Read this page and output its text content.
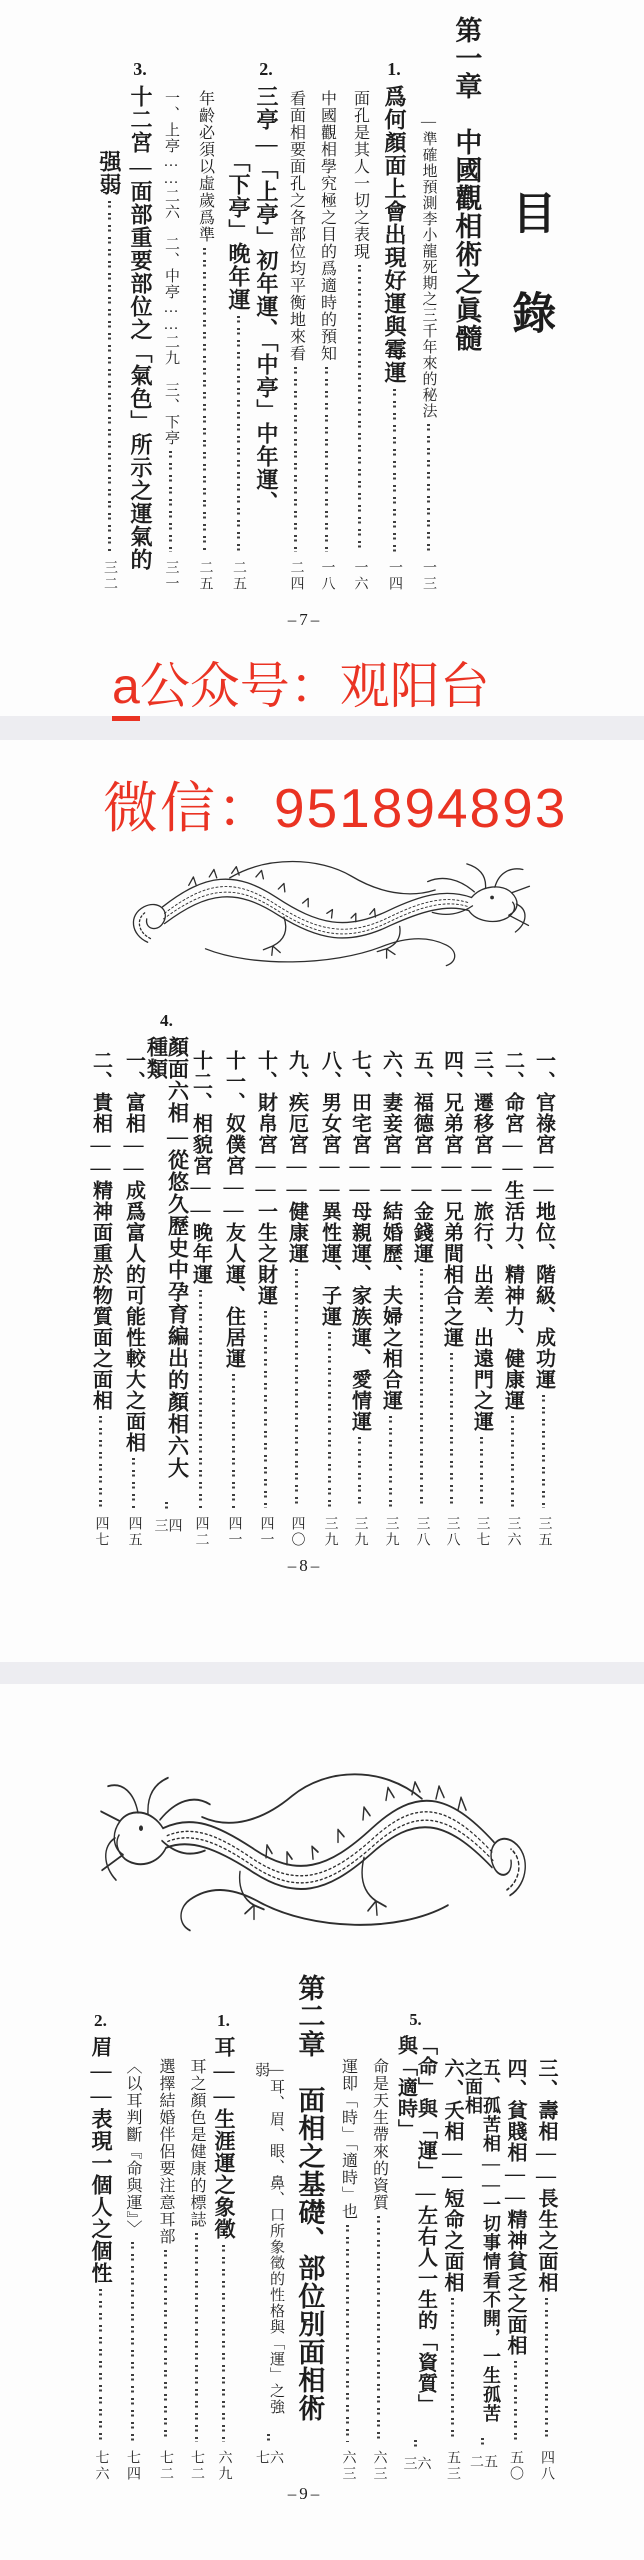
目錄
第一章　中國觀相術之眞髓
—準確地預測李小龍死期之三千年來的秘法
一三
1.
爲何顏面上會出現好運與霉運
一四
面孔是其人一切之表現
一六
中國觀相學究極之目的爲適時的預知
一八
看面相要面孔之各部位均平衡地來看
二四
2.
三亭—「上亭」初年運、「中亭」中年運、
「下亭」晚年運
二五
年齡必須以虛歲爲準
二五
一、上亭……二六　二、中亭……二九　三、下亭
三一
3.
十二宮—面部重要部位之「氣色」所示之運氣的
强弱
三二
–7–
a公众号：观阳台
微信：951894893
一、官祿宮——地位、階級、成功運
三五
二、命宮——生活力、精神力、健康運
三六
三、遷移宮——旅行、出差、出遠門之運
三七
四、兄弟宮——兄弟間相合之運
三八
五、福德宮——金錢運
三八
六、妻妾宮——結婚歷、夫婦之相合運
三九
七、田宅宮——母親運、家族運、愛情運
三九
八、男女宮——異性運、子運
三九
九、疾厄宮——健康運
四〇
十、財帛宮——一生之財運
四一
十一、奴僕宮——友人運、住居運
四一
十二、相貌宮——晚年運
四二
4.
顏面六相—從悠久歷史中孕育編出的顏相六大種類
四三
一、富相——成爲富人的可能性較大之面相
四五
二、貴相——精神面重於物質面之面相
四七
–8–
第二章　面相之基礎、部位別面相術	三、壽相——長生之面相
四八
四、貧賤相——精神貧乏之面相
五〇
五、孤苦相——一切事情看不開，一生孤苦之面相
五二
六、夭相——短命之面相
五三
5.
「命」與「運」—左右人一生的「資質」與「適時」
六三
命是天生帶來的資質
六三
運即「時」「適時」也
六三
—耳、眉、眼、鼻、口所象徵的性格與「運」之強弱
六七
1.
耳——生涯運之象徵
六九
耳之顏色是健康的標誌
七二
選擇結婚伴侶要注意耳部
七二
〈以耳判斷『命與運』〉
七四
2.
眉——表現一個人之個性
七六
–9–
